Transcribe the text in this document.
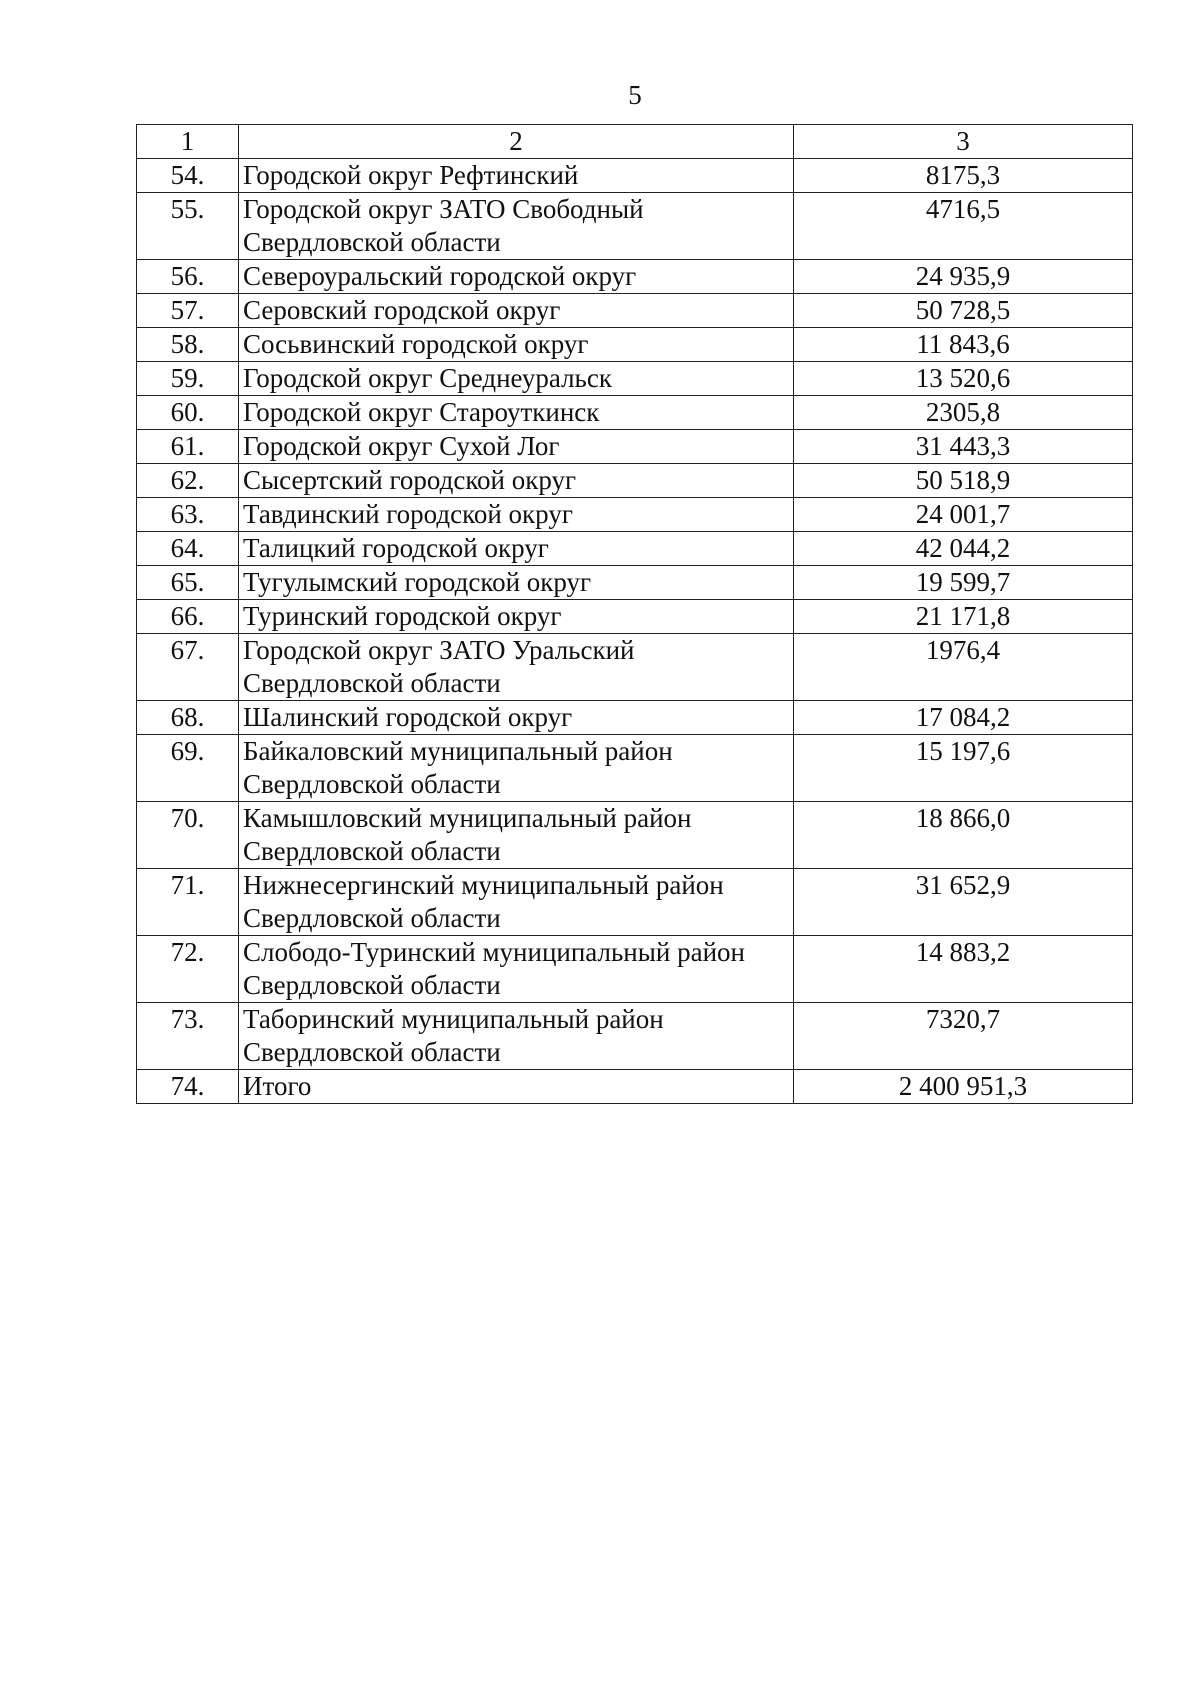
5
1	2	3
54.	Городской округ Рефтинский	8175,3
55.	Городской округ ЗАТО Свободный Свердловской области	4716,5
56.	Североуральский городской округ	24 935,9
57.	Серовский городской округ	50 728,5
58.	Сосьвинский городской округ	11 843,6
59.	Городской округ Среднеуральск	13 520,6
60.	Городской округ Староуткинск	2305,8
61.	Городской округ Сухой Лог	31 443,3
62.	Сысертский городской округ	50 518,9
63.	Тавдинский городской округ	24 001,7
64.	Талицкий городской округ	42 044,2
65.	Тугулымский городской округ	19 599,7
66.	Туринский городской округ	21 171,8
67.	Городской округ ЗАТО Уральский Свердловской области	1976,4
68.	Шалинский городской округ	17 084,2
69.	Байкаловский муниципальный район Свердловской области	15 197,6
70.	Камышловский муниципальный район Свердловской области	18 866,0
71.	Нижнесергинский муниципальный район Свердловской области	31 652,9
72.	Слободо-Туринский муниципальный район Свердловской области	14 883,2
73.	Таборинский муниципальный район Свердловской области	7320,7
74.	Итого	2 400 951,3
